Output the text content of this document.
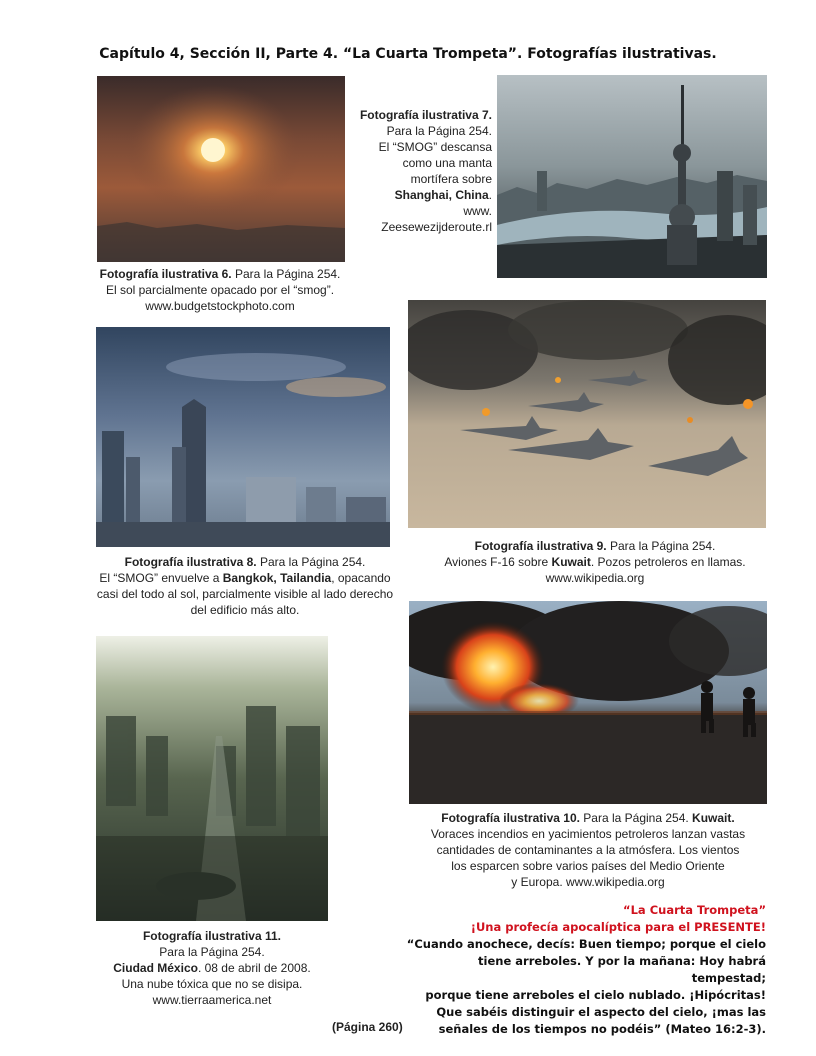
Capítulo 4, Sección II, Parte 4. “La Cuarta Trompeta”. Fotografías ilustrativas.
Fotografía ilustrativa 6. Para la Página 254.
El sol parcialmente opacado por el “smog”.
www.budgetstockphoto.com
Fotografía ilustrativa 7.
Para la Página 254.
El “SMOG” descansa
como una manta
mortífera sobre
Shanghai, China.
www.
Zeesewezijderoute.rl
Fotografía ilustrativa 8. Para la Página 254.
El “SMOG” envuelve a Bangkok, Tailandia, opacando
casi del todo al sol, parcialmente visible al lado derecho
del edificio más alto.
Fotografía ilustrativa 9. Para la Página 254.
Aviones F-16 sobre Kuwait. Pozos petroleros en llamas.
www.wikipedia.org
Fotografía ilustrativa 10. Para la Página 254. Kuwait.
Voraces incendios en yacimientos petroleros lanzan vastas
cantidades de contaminantes a la atmósfera. Los vientos
los esparcen sobre varios países del Medio Oriente
y Europa. www.wikipedia.org
Fotografía ilustrativa 11.
Para la Página 254.
Ciudad México. 08 de abril de 2008.
Una nube tóxica que no se disipa.
www.tierraamerica.net
(Página 260)
“La Cuarta Trompeta”
¡Una profecía apocalíptica para el PRESENTE!
“Cuando anochece, decís: Buen tiempo; porque el cielo
tiene arreboles. Y por la mañana: Hoy habrá tempestad;
porque tiene arreboles el cielo nublado. ¡Hipócritas!
Que sabéis distinguir el aspecto del cielo, ¡mas las
señales de los tiempos no podéis” (Mateo 16:2-3).
